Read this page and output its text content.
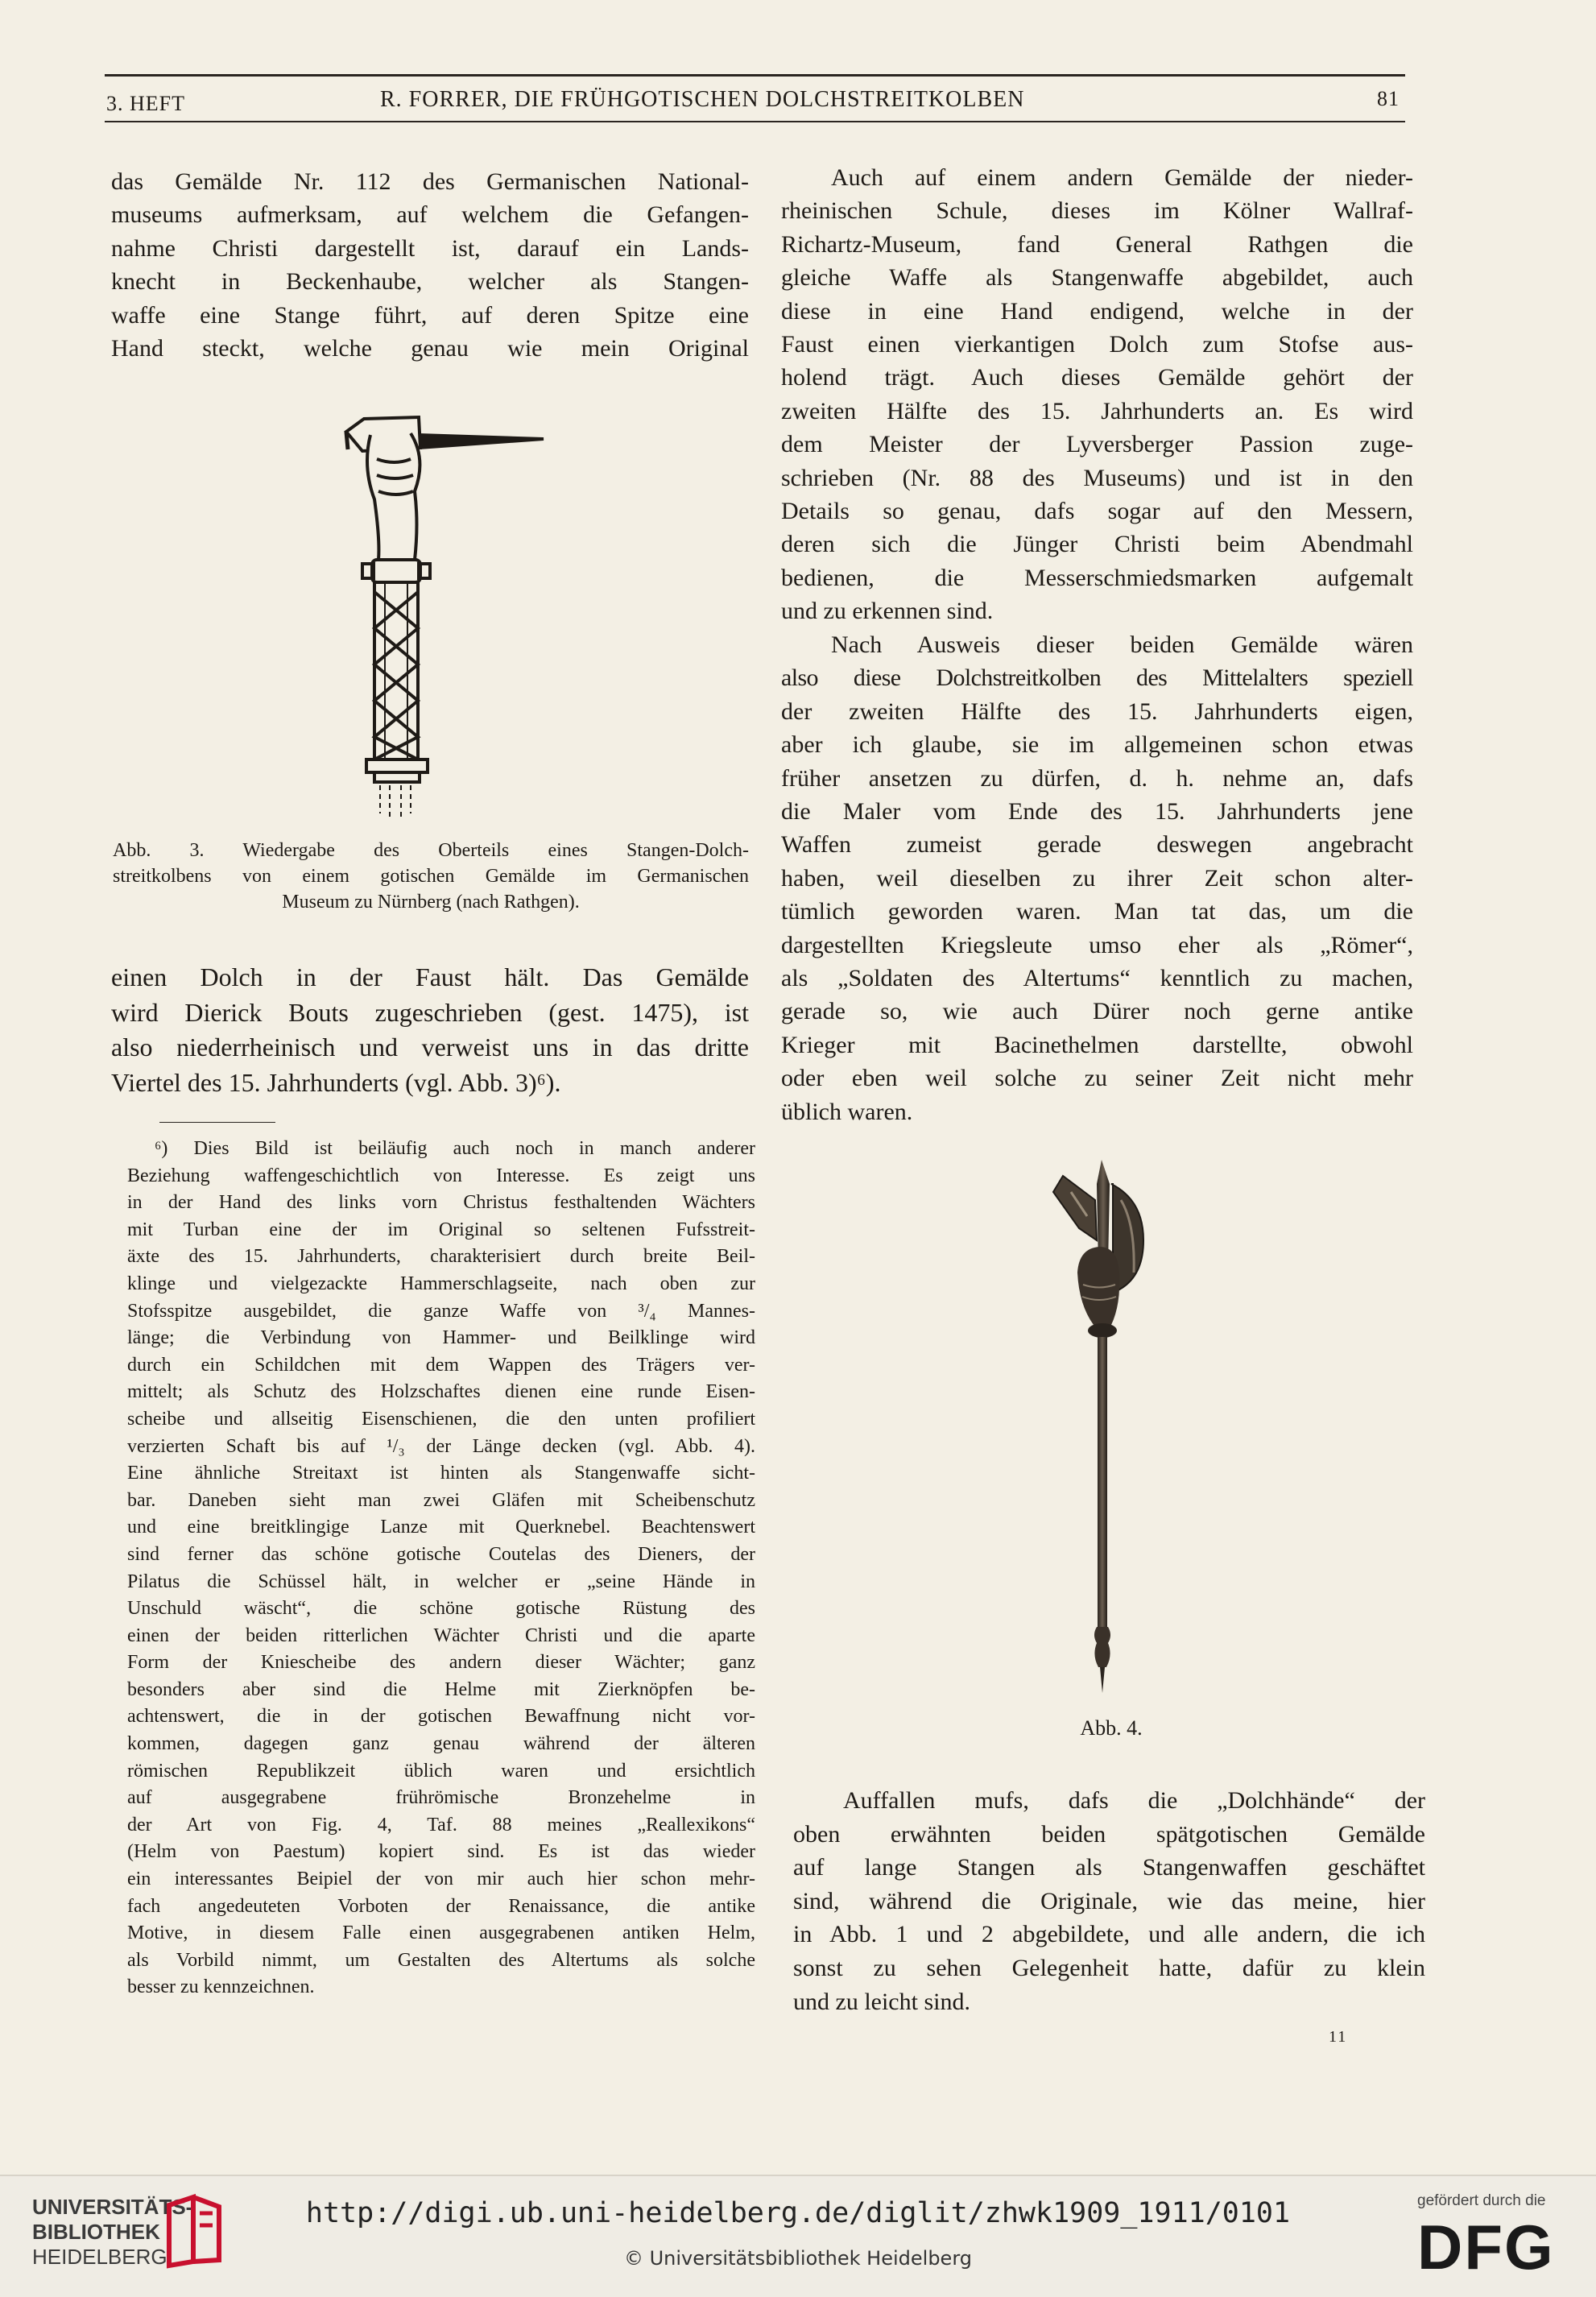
3. HEFT	R. FORRER, DIE FRÜHGOTISCHEN DOLCHSTREITKOLBEN	81
das Gemälde Nr. 112 des Germanischen National-
museums aufmerksam, auf welchem die Gefangen-
nahme Christi dargestellt ist, darauf ein Lands-
knecht in Beckenhaube, welcher als Stangen-
waffe eine Stange führt, auf deren Spitze eine
Hand steckt, welche genau wie mein Original
Abb. 3. Wiedergabe des Oberteils eines Stangen-Dolch-
streitkolbens von einem gotischen Gemälde im Germanischen
Museum zu Nürnberg (nach Rathgen).
einen Dolch in der Faust hält. Das Gemälde
wird Dierick Bouts zugeschrieben (gest. 1475), ist
also niederrheinisch und verweist uns in das dritte
Viertel des 15. Jahrhunderts (vgl. Abb. 3)⁶).
⁶) Dies Bild ist beiläufig auch noch in manch anderer
Beziehung waffengeschichtlich von Interesse. Es zeigt uns
in der Hand des links vorn Christus festhaltenden Wächters
mit Turban eine der im Original so seltenen Fufsstreit-
äxte des 15. Jahrhunderts, charakterisiert durch breite Beil-
klinge und vielgezackte Hammerschlagseite, nach oben zur
Stofsspitze ausgebildet, die ganze Waffe von ³/₄ Mannes-
länge; die Verbindung von Hammer- und Beilklinge wird
durch ein Schildchen mit dem Wappen des Trägers ver-
mittelt; als Schutz des Holzschaftes dienen eine runde Eisen-
scheibe und allseitig Eisenschienen, die den unten profiliert
verzierten Schaft bis auf ¹/₃ der Länge decken (vgl. Abb. 4).
Eine ähnliche Streitaxt ist hinten als Stangenwaffe sicht-
bar. Daneben sieht man zwei Gläfen mit Scheibenschutz
und eine breitklingige Lanze mit Querknebel. Beachtenswert
sind ferner das schöne gotische Coutelas des Dieners, der
Pilatus die Schüssel hält, in welcher er „seine Hände in
Unschuld wäscht“, die schöne gotische Rüstung des
einen der beiden ritterlichen Wächter Christi und die aparte
Form der Kniescheibe des andern dieser Wächter; ganz
besonders aber sind die Helme mit Zierknöpfen be-
achtenswert, die in der gotischen Bewaffnung nicht vor-
kommen, dagegen ganz genau während der älteren
römischen Republikzeit üblich waren und ersichtlich
auf ausgegrabene frührömische Bronzehelme in
der Art von Fig. 4, Taf. 88 meines „Reallexikons“
(Helm von Paestum) kopiert sind. Es ist das wieder
ein interessantes Beipiel der von mir auch hier schon mehr-
fach angedeuteten Vorboten der Renaissance, die antike
Motive, in diesem Falle einen ausgegrabenen antiken Helm,
als Vorbild nimmt, um Gestalten des Altertums als solche
besser zu kennzeichnen.
Auch auf einem andern Gemälde der nieder-
rheinischen Schule, dieses im Kölner Wallraf-
Richartz-Museum, fand General Rathgen die
gleiche Waffe als Stangenwaffe abgebildet, auch
diese in eine Hand endigend, welche in der
Faust einen vierkantigen Dolch zum Stofse aus-
holend trägt. Auch dieses Gemälde gehört der
zweiten Hälfte des 15. Jahrhunderts an. Es wird
dem Meister der Lyversberger Passion zuge-
schrieben (Nr. 88 des Museums) und ist in den
Details so genau, dafs sogar auf den Messern,
deren sich die Jünger Christi beim Abendmahl
bedienen, die Messerschmiedsmarken aufgemalt
und zu erkennen sind.
Nach Ausweis dieser beiden Gemälde wären
also diese Dolchstreitkolben des Mittelalters speziell
der zweiten Hälfte des 15. Jahrhunderts eigen,
aber ich glaube, sie im allgemeinen schon etwas
früher ansetzen zu dürfen, d. h. nehme an, dafs
die Maler vom Ende des 15. Jahrhunderts jene
Waffen zumeist gerade deswegen angebracht
haben, weil dieselben zu ihrer Zeit schon alter-
tümlich geworden waren. Man tat das, um die
dargestellten Kriegsleute umso eher als „Römer“,
als „Soldaten des Altertums“ kenntlich zu machen,
gerade so, wie auch Dürer noch gerne antike
Krieger mit Bacinethelmen darstellte, obwohl
oder eben weil solche zu seiner Zeit nicht mehr
üblich waren.
Abb. 4.
Auffallen mufs, dafs die „Dolchhände“ der
oben erwähnten beiden spätgotischen Gemälde
auf lange Stangen als Stangenwaffen geschäftet
sind, während die Originale, wie das meine, hier
in Abb. 1 und 2 abgebildete, und alle andern, die ich
sonst zu sehen Gelegenheit hatte, dafür zu klein
und zu leicht sind.
11
UNIVERSITÄTS-
BIBLIOTHEK
HEIDELBERG
http://digi.ub.uni-heidelberg.de/diglit/zhwk1909_1911/0101
© Universitätsbibliothek Heidelberg
gefördert durch die
DFG
